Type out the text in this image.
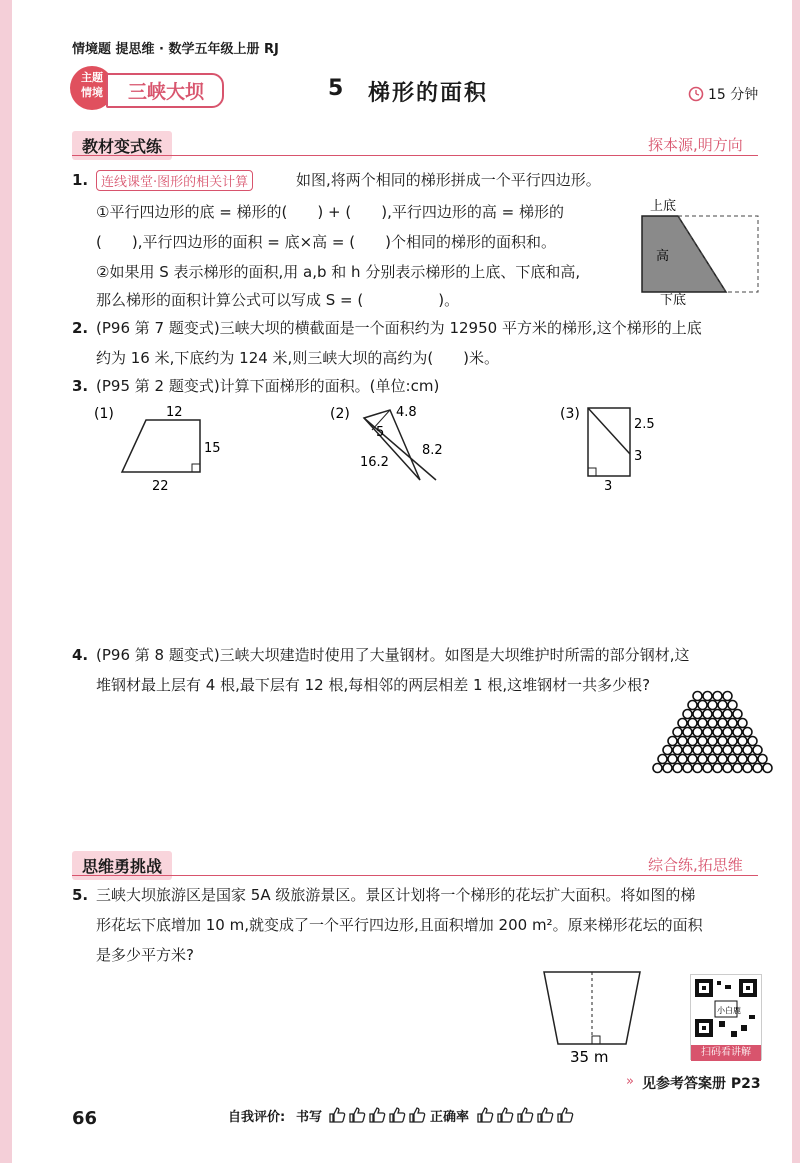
情境题 提思维 · 数学五年级上册 RJ
主题情境	三峡大坝	5 梯形的面积	15 分钟
教材变式练	探本源,明方向
1. 连线课堂·图形的相关计算	如图,将两个相同的梯形拼成一个平行四边形。
①平行四边形的底 = 梯形的(　　) + (　　),平行四边形的高 = 梯形的
(　　),平行四边形的面积 = 底×高 = (　　)个相同的梯形的面积和。
②如果用 S 表示梯形的面积,用 a,b 和 h 分别表示梯形的上底、下底和高,
那么梯形的面积计算公式可以写成 S = (　　　　　)。
上底
高
下底
2. (P96 第 7 题变式)三峡大坝的横截面是一个面积约为 12950 平方米的梯形,这个梯形的上底
约为 16 米,下底约为 124 米,则三峡大坝的高约为(　　)米。
3. (P95 第 2 题变式)计算下面梯形的面积。(单位:cm)
(1)	12
15
22
(2)	4.8
5
8.2
16.2
(3)
2.5
3
3
4. (P96 第 8 题变式)三峡大坝建造时使用了大量钢材。如图是大坝维护时所需的部分钢材,这
堆钢材最上层有 4 根,最下层有 12 根,每相邻的两层相差 1 根,这堆钢材一共多少根?
思维勇挑战	综合练,拓思维
5. 三峡大坝旅游区是国家 5A 级旅游景区。景区计划将一个梯形的花坛扩大面积。将如图的梯
形花坛下底增加 10 m,就变成了一个平行四边形,且面积增加 200 m²。原来梯形花坛的面积
是多少平方米?
35 m
小白鹿
扫码看讲解
» 见参考答案册 P23
66	自我评价: 书写	正确率
